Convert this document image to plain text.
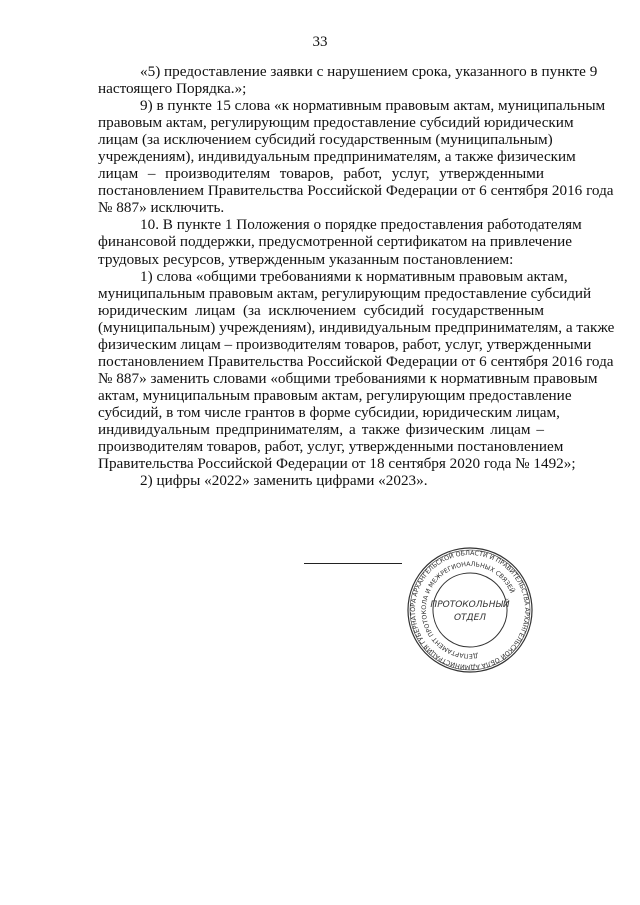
33
«5) предоставление заявки с нарушением срока, указанного в пункте 9
настоящего Порядка.»;
9) в пункте 15 слова «к нормативным правовым актам, муниципальным
правовым актам, регулирующим предоставление субсидий юридическим
лицам (за исключением субсидий государственным (муниципальным)
учреждениям), индивидуальным предпринимателям, а также физическим
лицам – производителям товаров, работ, услуг, утвержденными
постановлением Правительства Российской Федерации от 6 сентября 2016 года
№ 887» исключить.
10. В пункте 1 Положения о порядке предоставления работодателям
финансовой поддержки, предусмотренной сертификатом на привлечение
трудовых ресурсов, утвержденным указанным постановлением:
1) слова «общими требованиями к нормативным правовым актам,
муниципальным правовым актам, регулирующим предоставление субсидий
юридическим лицам (за исключением субсидий государственным
(муниципальным) учреждениям), индивидуальным предпринимателям, а также
физическим лицам – производителям товаров, работ, услуг, утвержденными
постановлением Правительства Российской Федерации от 6 сентября 2016 года
№ 887» заменить словами «общими требованиями к нормативным правовым
актам, муниципальным правовым актам, регулирующим предоставление
субсидий, в том числе грантов в форме субсидии, юридическим лицам,
индивидуальным предпринимателям, а также физическим лицам –
производителям товаров, работ, услуг, утвержденными постановлением
Правительства Российской Федерации от 18 сентября 2020 года № 1492»;
2) цифры «2022» заменить цифрами «2023».
АДМИНИСТРАЦИЯ ГУБЕРНАТОРА АРХАНГЕЛЬСКОЙ ОБЛАСТИ И ПРАВИТЕЛЬСТВА АРХАНГЕЛЬСКОЙ ОБЛАСТИ
ДЕПАРТАМЕНТ ПРОТОКОЛА И МЕЖРЕГИОНАЛЬНЫХ СВЯЗЕЙ
ПРОТОКОЛЬНЫЙ
ОТДЕЛ
